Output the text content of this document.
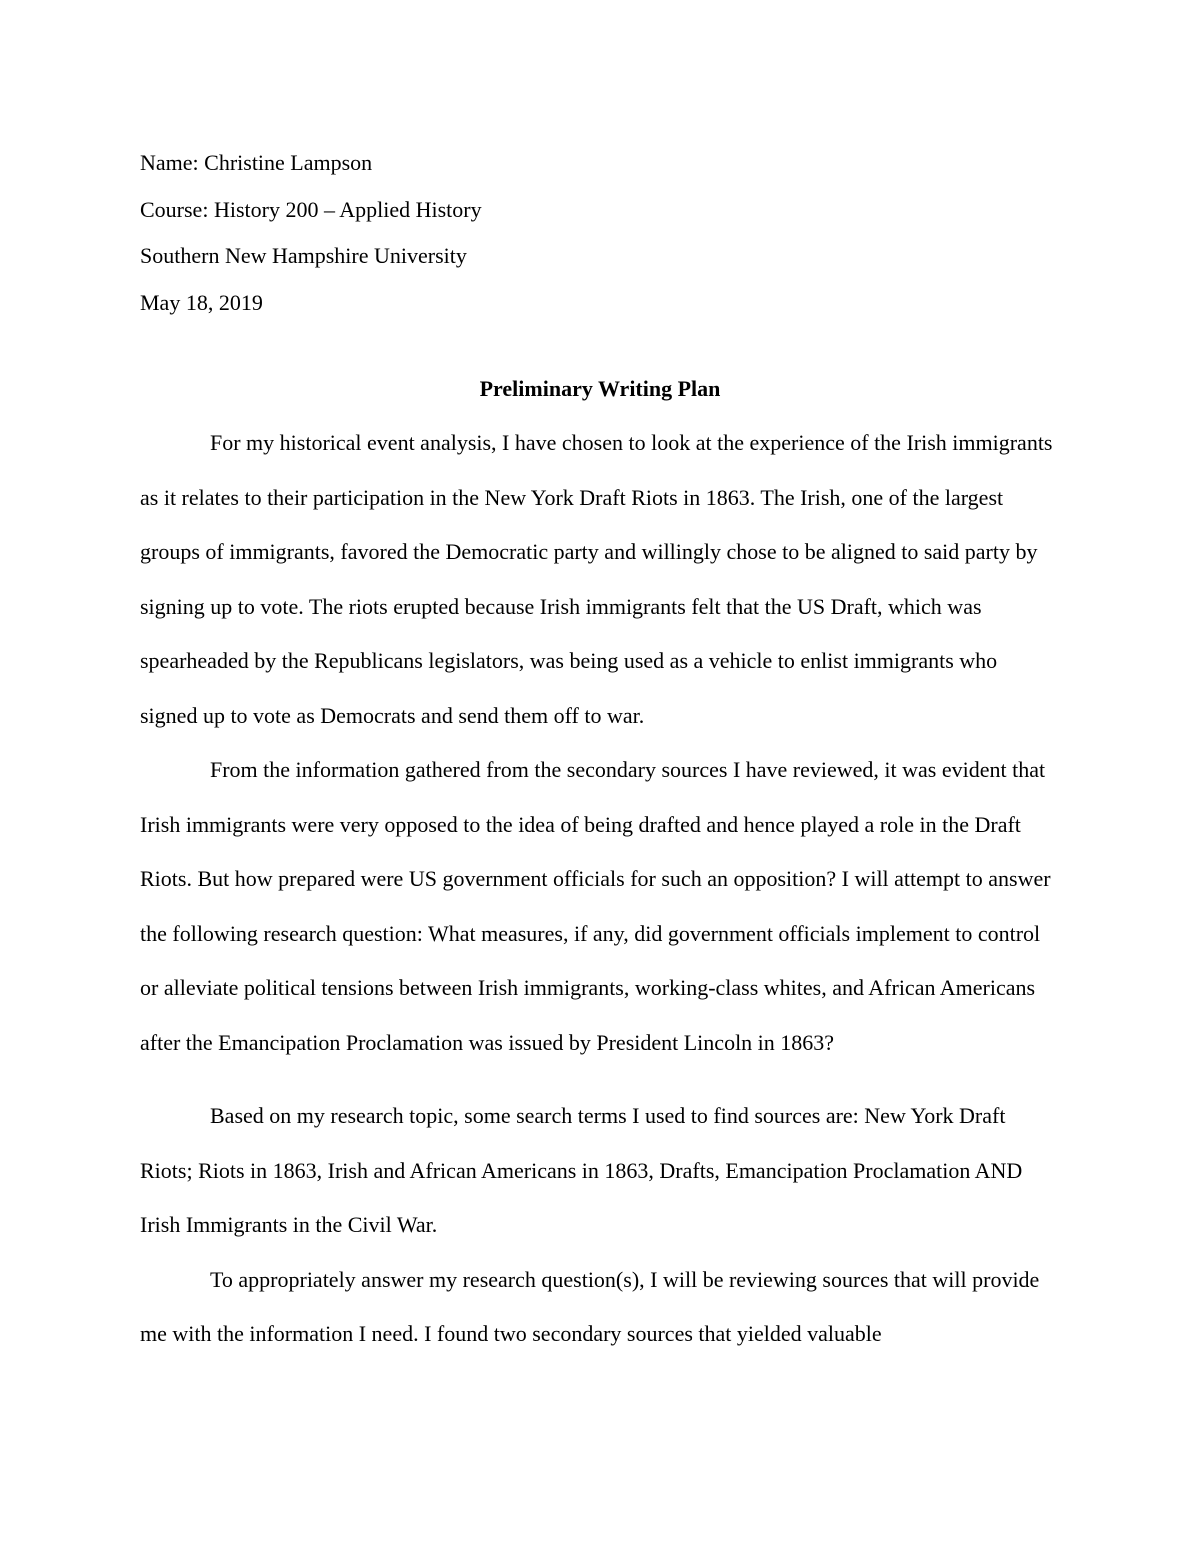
Name: Christine Lampson
Course: History 200 – Applied History
Southern New Hampshire University
May 18, 2019
Preliminary Writing Plan

For my historical event analysis, I have chosen to look at the experience of the Irish immigrants as it relates to their participation in the New York Draft Riots in 1863. The Irish, one of the largest groups of immigrants, favored the Democratic party and willingly chose to be aligned to said party by signing up to vote. The riots erupted because Irish immigrants felt that the US Draft, which was spearheaded by the Republicans legislators, was being used as a vehicle to enlist immigrants who signed up to vote as Democrats and send them off to war.

From the information gathered from the secondary sources I have reviewed, it was evident that Irish immigrants were very opposed to the idea of being drafted and hence played a role in the Draft Riots. But how prepared were US government officials for such an opposition? I will attempt to answer the following research question: What measures, if any, did government officials implement to control or alleviate political tensions between Irish immigrants, working-class whites, and African Americans after the Emancipation Proclamation was issued by President Lincoln in 1863?

Based on my research topic, some search terms I used to find sources are: New York Draft Riots; Riots in 1863, Irish and African Americans in 1863, Drafts, Emancipation Proclamation AND Irish Immigrants in the Civil War.

To appropriately answer my research question(s), I will be reviewing sources that will provide me with the information I need. I found two secondary sources that yielded valuable
